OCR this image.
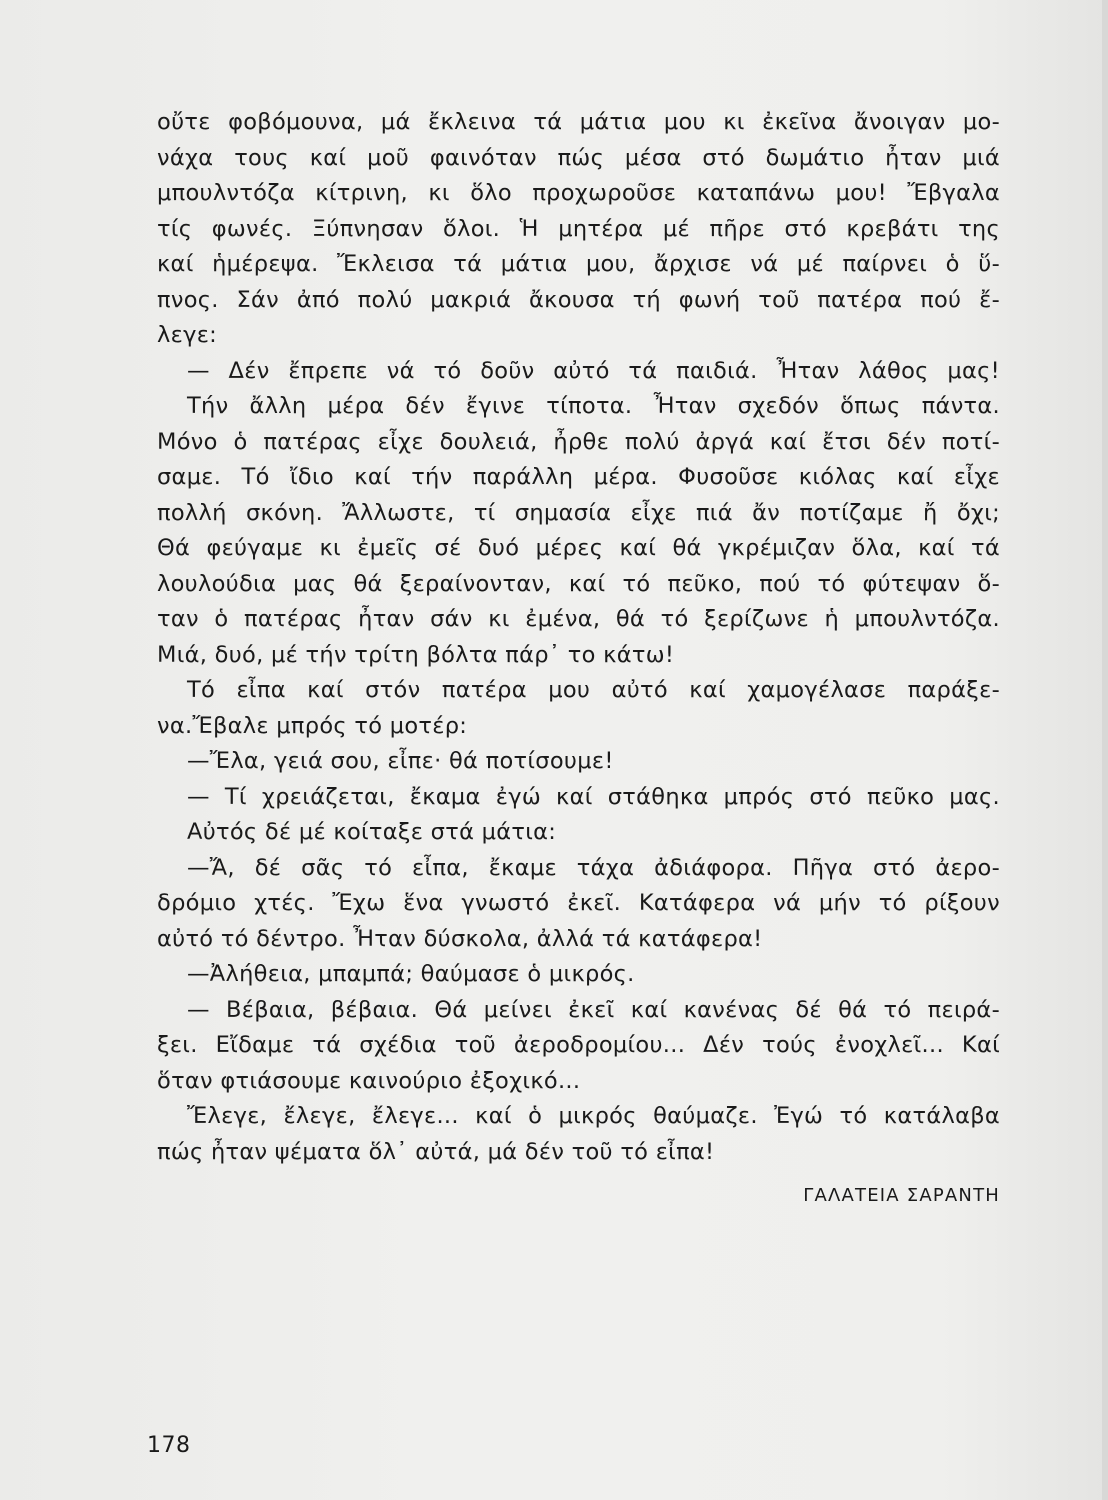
οὔτε φοβόμουνα, μά ἔκλεινα τά μάτια μου κι ἐκεῖνα ἄνοιγαν μο-
νάχα τους καί μοῦ φαινόταν πώς μέσα στό δωμάτιο ἦταν μιά
μπουλντόζα κίτρινη, κι ὅλο προχωροῦσε καταπάνω μου! Ἔβγαλα
τίς φωνές. Ξύπνησαν ὅλοι. Ἡ μητέρα μέ πῆρε στό κρεβάτι της
καί ἡμέρεψα. Ἔκλεισα τά μάτια μου, ἄρχισε νά μέ παίρνει ὁ ὕ-
πνος. Σάν ἀπό πολύ μακριά ἄκουσα τή φωνή τοῦ πατέρα πού ἔ-
λεγε:
— Δέν ἔπρεπε νά τό δοῦν αὐτό τά παιδιά. Ἦταν λάθος μας!
Τήν ἄλλη μέρα δέν ἔγινε τίποτα. Ἦταν σχεδόν ὅπως πάντα.
Μόνο ὁ πατέρας εἶχε δουλειά, ἦρθε πολύ ἀργά καί ἔτσι δέν ποτί-
σαμε. Τό ἴδιο καί τήν παράλλη μέρα. Φυσοῦσε κιόλας καί εἶχε
πολλή σκόνη. Ἄλλωστε, τί σημασία εἶχε πιά ἄν ποτίζαμε ἤ ὄχι;
Θά φεύγαμε κι ἐμεῖς σέ δυό μέρες καί θά γκρέμιζαν ὅλα, καί τά
λουλούδια μας θά ξεραίνονταν, καί τό πεῦκο, πού τό φύτεψαν ὅ-
ταν ὁ πατέρας ἦταν σάν κι ἐμένα, θά τό ξερίζωνε ἡ μπουλντόζα.
Μιά, δυό, μέ τήν τρίτη βόλτα πάρ᾿ το κάτω!
Τό εἶπα καί στόν πατέρα μου αὐτό καί χαμογέλασε παράξε-
να.Ἔβαλε μπρός τό μοτέρ:
—Ἔλα, γειά σου, εἶπε· θά ποτίσουμε!
— Τί χρειάζεται, ἔκαμα ἐγώ καί στάθηκα μπρός στό πεῦκο μας.
Αὐτός δέ μέ κοίταξε στά μάτια:
—Ἄ, δέ σᾶς τό εἶπα, ἔκαμε τάχα ἀδιάφορα. Πῆγα στό ἀερο-
δρόμιο χτές. Ἔχω ἕνα γνωστό ἐκεῖ. Κατάφερα νά μήν τό ρίξουν
αὐτό τό δέντρο. Ἦταν δύσκολα, ἀλλά τά κατάφερα!
—Ἀλήθεια, μπαμπά; θαύμασε ὁ μικρός.
— Βέβαια, βέβαια. Θά μείνει ἐκεῖ καί κανένας δέ θά τό πειρά-
ξει. Εἴδαμε τά σχέδια τοῦ ἀεροδρομίου... Δέν τούς ἐνοχλεῖ... Καί
ὅταν φτιάσουμε καινούριο ἐξοχικό...
Ἔλεγε, ἔλεγε, ἔλεγε... καί ὁ μικρός θαύμαζε. Ἐγώ τό κατάλαβα
πώς ἦταν ψέματα ὅλ᾿ αὐτά, μά δέν τοῦ τό εἶπα!
ΓΑΛΑΤΕΙΑ ΣΑΡΑΝΤΗ
178
